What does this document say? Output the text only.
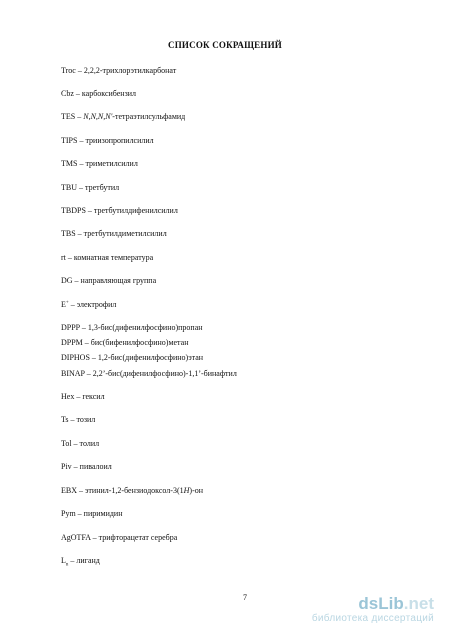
СПИСОК СОКРАЩЕНИЙ
Troc – 2,2,2-трихлорэтилкарбонат
Cbz – карбоксибензил
TES – N,N,N,N'-тетраэтилсульфамид
TIPS – триизопропилсилил
TMS – триметилсилил
TBU – третбутил
TBDPS – третбутилдифенилсилил
TBS – третбутилдиметилсилил
rt – комнатная температура
DG – направляющая группа
E+ – электрофил
DPPP – 1,3-бис(дифенилфосфино)пропан
DPPM – бис(бифенилфосфино)метан
DIPHOS – 1,2-бис(дифенилфосфино)этан
BINAP – 2,2’-бис(дифенилфосфино)-1,1’-бинафтил
Hex – гексил
Ts – тозил
Tol – толил
Piv – пивалоил
EBX – этинил-1,2-бензиодоксол-3(1H)-он
Pym – пиримидин
AgOTFA – трифторацетат серебра
$L_n$ – лиганд
7	dsLib.net
библиотека диссертаций
